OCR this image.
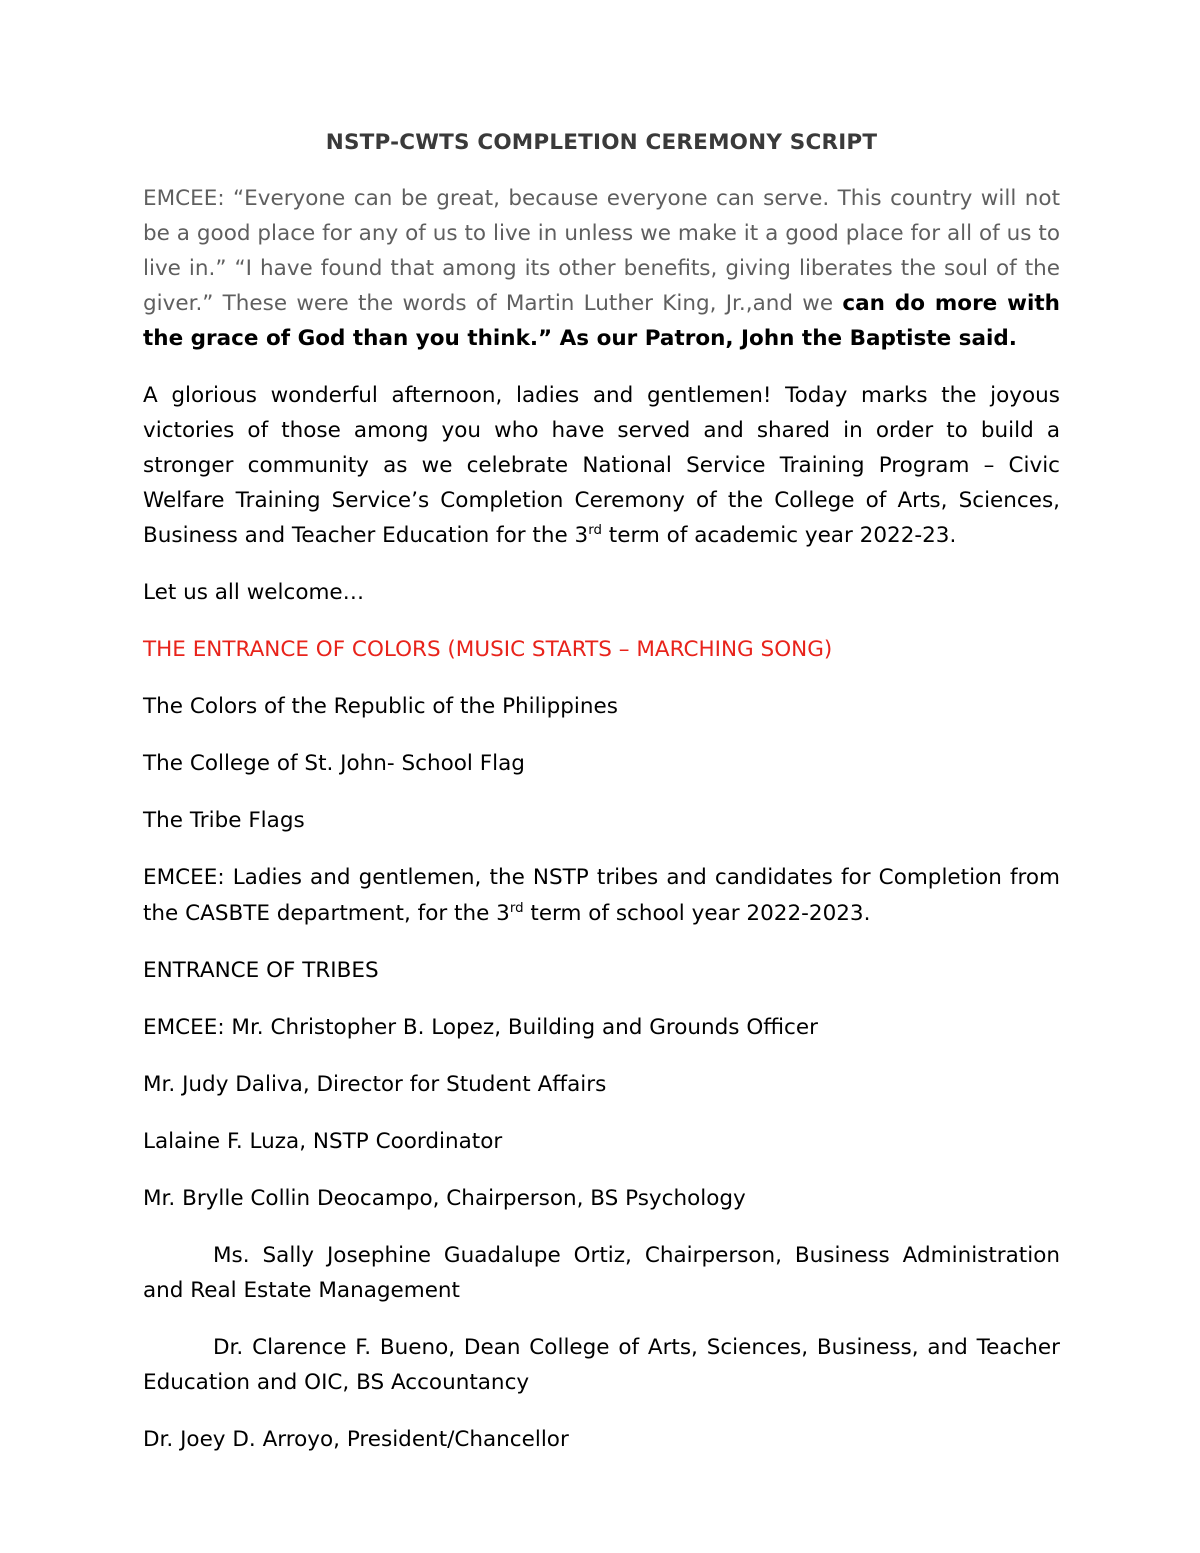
NSTP-CWTS COMPLETION CEREMONY SCRIPT

EMCEE: “Everyone can be great, because everyone can serve. This country will not be a good place for any of us to live in unless we make it a good place for all of us to live in.” “I have found that among its other benefits, giving liberates the soul of the giver.” These were the words of Martin Luther King, Jr.,and we can do more with the grace of God than you think.” As our Patron, John the Baptiste said.

A glorious wonderful afternoon, ladies and gentlemen! Today marks the joyous victories of those among you who have served and shared in order to build a stronger community as we celebrate National Service Training Program – Civic Welfare Training Service’s Completion Ceremony of the College of Arts, Sciences, Business and Teacher Education for the 3rd term of academic year 2022-23.

Let us all welcome…

THE ENTRANCE OF COLORS (MUSIC STARTS – MARCHING SONG)

The Colors of the Republic of the Philippines

The College of St. John- School Flag

The Tribe Flags

EMCEE: Ladies and gentlemen, the NSTP tribes and candidates for Completion from the CASBTE department, for the 3rd term of school year 2022-2023.

ENTRANCE OF TRIBES

EMCEE: Mr. Christopher B. Lopez, Building and Grounds Officer

Mr. Judy Daliva, Director for Student Affairs

Lalaine F. Luza, NSTP Coordinator

Mr. Brylle Collin Deocampo, Chairperson, BS Psychology

Ms. Sally Josephine Guadalupe Ortiz, Chairperson, Business Administration and Real Estate Management

Dr. Clarence F. Bueno, Dean College of Arts, Sciences, Business, and Teacher Education and OIC, BS Accountancy

Dr. Joey D. Arroyo, President/Chancellor
